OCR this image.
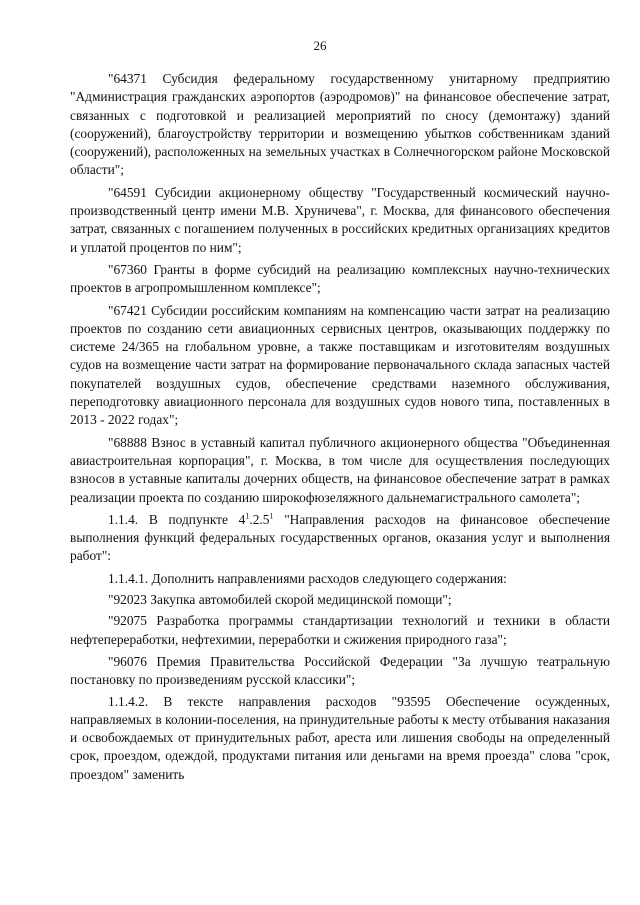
26

"64371 Субсидия федеральному государственному унитарному предприятию "Администрация гражданских аэропортов (аэродромов)" на финансовое обеспечение затрат, связанных с подготовкой и реализацией мероприятий по сносу (демонтажу) зданий (сооружений), благоустройству территории и возмещению убытков собственникам зданий (сооружений), расположенных на земельных участках в Солнечногорском районе Московской области";

"64591 Субсидии акционерному обществу "Государственный космический научно-производственный центр имени М.В. Хруничева", г. Москва, для финансового обеспечения затрат, связанных с погашением полученных в российских кредитных организациях кредитов и уплатой процентов по ним";

"67360 Гранты в форме субсидий на реализацию комплексных научно-технических проектов в агропромышленном комплексе";

"67421 Субсидии российским компаниям на компенсацию части затрат на реализацию проектов по созданию сети авиационных сервисных центров, оказывающих поддержку по системе 24/365 на глобальном уровне, а также поставщикам и изготовителям воздушных судов на возмещение части затрат на формирование первоначального склада запасных частей покупателей воздушных судов, обеспечение средствами наземного обслуживания, переподготовку авиационного персонала для воздушных судов нового типа, поставленных в 2013 - 2022 годах";

"68888 Взнос в уставный капитал публичного акционерного общества "Объединенная авиастроительная корпорация", г. Москва, в том числе для осуществления последующих взносов в уставные капиталы дочерних обществ, на финансовое обеспечение затрат в рамках реализации проекта по созданию широкофюзеляжного дальнемагистрального самолета";

1.1.4. В подпункте $4^1.2.5^1$ "Направления расходов на финансовое обеспечение выполнения функций федеральных государственных органов, оказания услуг и выполнения работ":

1.1.4.1. Дополнить направлениями расходов следующего содержания:

"92023 Закупка автомобилей скорой медицинской помощи";

"92075 Разработка программы стандартизации технологий и техники в области нефтепереработки, нефтехимии, переработки и сжижения природного газа";

"96076 Премия Правительства Российской Федерации "За лучшую театральную постановку по произведениям русской классики";

1.1.4.2. В тексте направления расходов "93595 Обеспечение осужденных, направляемых в колонии-поселения, на принудительные работы к месту отбывания наказания и освобождаемых от принудительных работ, ареста или лишения свободы на определенный срок, проездом, одеждой, продуктами питания или деньгами на время проезда" слова "срок, проездом" заменить
